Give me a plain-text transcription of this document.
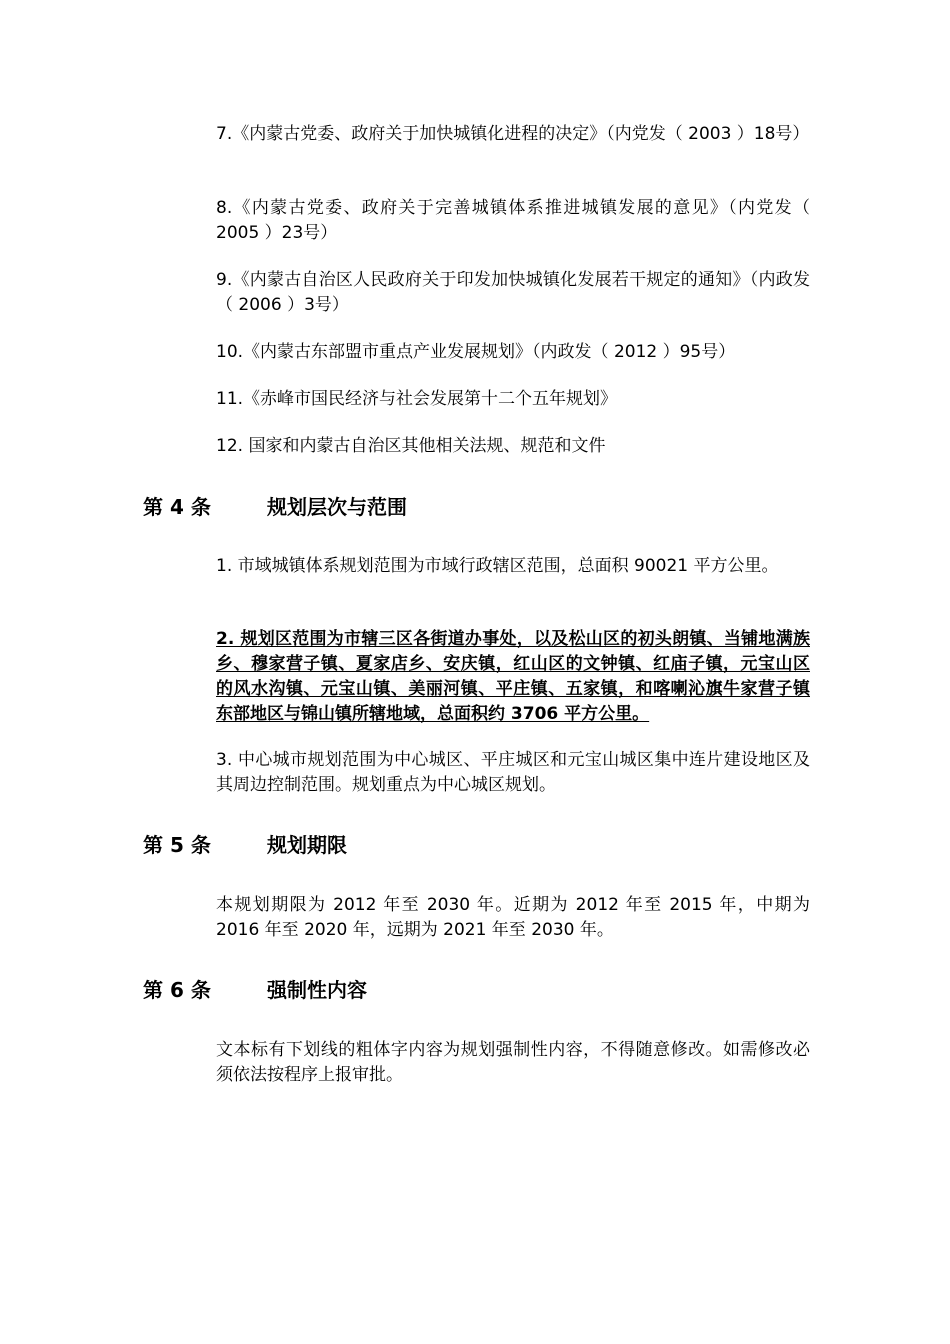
7.《内蒙古党委、政府关于加快城镇化进程的决定》（内党发（ 2003 ）18号）

8.《内蒙古党委、政府关于完善城镇体系推进城镇发展的意见》（内党发（ 2005 ）23号）

9.《内蒙古自治区人民政府关于印发加快城镇化发展若干规定的通知》（内政发（ 2006 ）3号）

10.《内蒙古东部盟市重点产业发展规划》（内政发（ 2012 ）95号）

11.《赤峰市国民经济与社会发展第十二个五年规划》

12. 国家和内蒙古自治区其他相关法规、规范和文件

第 4 条	规划层次与范围

1. 市域城镇体系规划范围为市域行政辖区范围，总面积 90021 平方公里。

2. 规划区范围为市辖三区各街道办事处，以及松山区的初头朗镇、当铺地满族乡、穆家营子镇、夏家店乡、安庆镇，红山区的文钟镇、红庙子镇，元宝山区的风水沟镇、元宝山镇、美丽河镇、平庄镇、五家镇，和喀喇沁旗牛家营子镇东部地区与锦山镇所辖地域，总面积约 3706 平方公里。

3. 中心城市规划范围为中心城区、平庄城区和元宝山城区集中连片建设地区及其周边控制范围。规划重点为中心城区规划。

第 5 条	规划期限

本规划期限为 2012 年至 2030 年。近期为 2012 年至 2015 年，中期为 2016 年至 2020 年，远期为 2021 年至 2030 年。

第 6 条	强制性内容

文本标有下划线的粗体字内容为规划强制性内容，不得随意修改。如需修改必须依法按程序上报审批。
